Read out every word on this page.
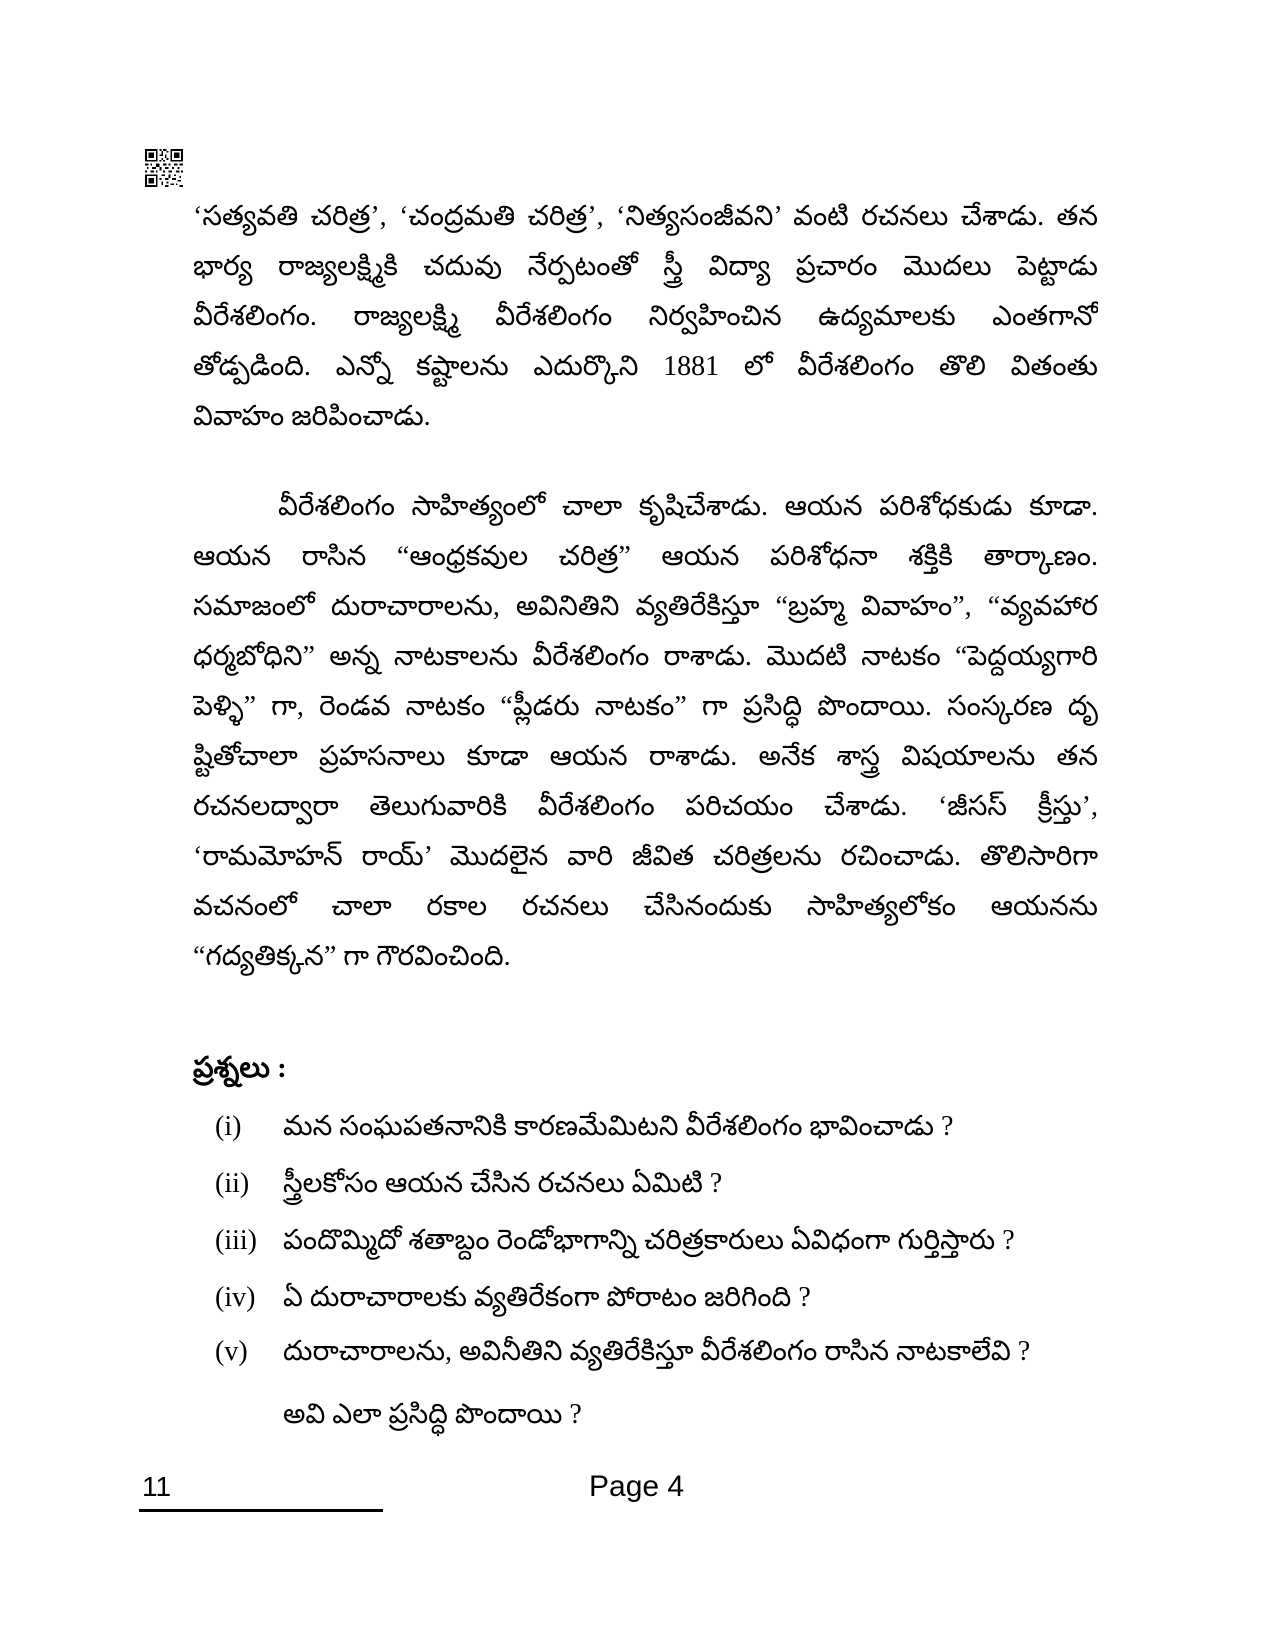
‘సత్యవతి చరిత్ర’, ‘చంద్రమతి చరిత్ర’, ‘నిత్యసంజీవని’ వంటి రచనలు చేశాడు. తన
భార్య రాజ్యలక్ష్మికి చదువు నేర్పటంతో స్త్రీ విద్యా ప్రచారం మొదలు పెట్టాడు
వీరేశలింగం. రాజ్యలక్ష్మి వీరేశలింగం నిర్వహించిన ఉద్యమాలకు ఎంతగానో
తోడ్పడింది. ఎన్నో కష్టాలను ఎదుర్కొని 1881 లో వీరేశలింగం తొలి వితంతు
వివాహం జరిపించాడు.
వీరేశలింగం సాహిత్యంలో చాలా కృషిచేశాడు. ఆయన పరిశోధకుడు కూడా.
ఆయన రాసిన “ఆంధ్రకవుల చరిత్ర” ఆయన పరిశోధనా శక్తికి తార్కాణం.
సమాజంలో దురాచారాలను, అవినితిని వ్యతిరేకిస్తూ “బ్రహ్మ వివాహం”, “వ్యవహార
ధర్మబోధిని” అన్న నాటకాలను వీరేశలింగం రాశాడు. మొదటి నాటకం “పెద్దయ్యగారి
పెళ్ళి” గా, రెండవ నాటకం “ప్లీడరు నాటకం” గా ప్రసిద్ధి పొందాయి. సంస్కరణ దృ
ష్టితోచాలా ప్రహసనాలు కూడా ఆయన రాశాడు. అనేక శాస్త్ర విషయాలను తన
రచనలద్వారా తెలుగువారికి వీరేశలింగం పరిచయం చేశాడు. ‘జీసస్ క్రీస్తు’,
‘రామమోహన్ రాయ్’ మొదలైన వారి జీవిత చరిత్రలను రచించాడు. తొలిసారిగా
వచనంలో చాలా రకాల రచనలు చేసినందుకు సాహిత్యలోకం ఆయనను
“గద్యతిక్కన” గా గౌరవించింది.
ప్రశ్నలు :
(i)	మన సంఘపతనానికి కారణమేమిటని వీరేశలింగం భావించాడు ?
(ii)	స్త్రీలకోసం ఆయన చేసిన రచనలు ఏమిటి ?
(iii) పందొమ్మిదో శతాబ్దం రెండోభాగాన్ని చరిత్రకారులు ఏవిధంగా గుర్తిస్తారు ?
(iv) ఏ దురాచారాలకు వ్యతిరేకంగా పోరాటం జరిగింది ?
(v)	దురాచారాలను, అవినీతిని వ్యతిరేకిస్తూ వీరేశలింగం రాసిన నాటకాలేవి ?
అవి ఎలా ప్రసిద్ధి పొందాయి ?
11	Page 4
